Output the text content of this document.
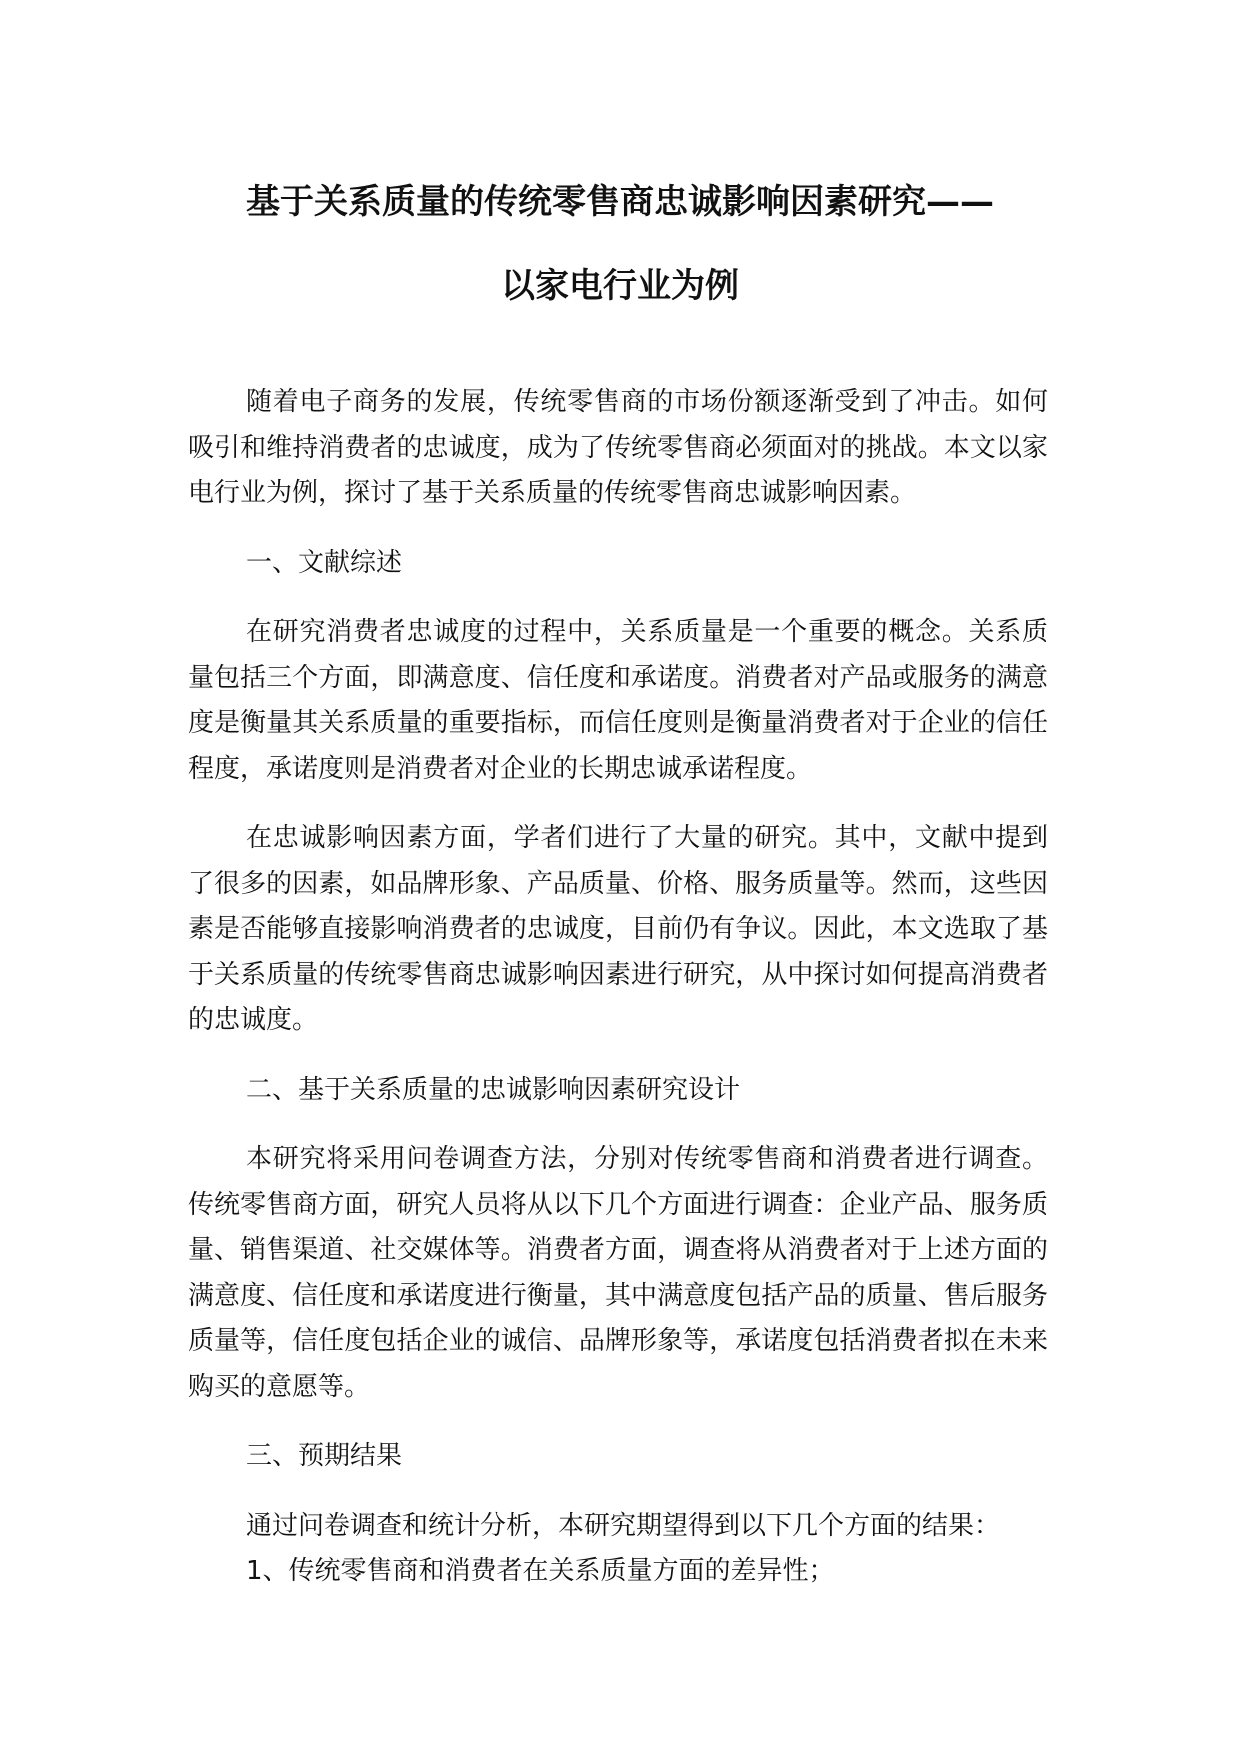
基于关系质量的传统零售商忠诚影响因素研究——
以家电行业为例

随着电子商务的发展，传统零售商的市场份额逐渐受到了冲击。如何吸引和维持消费者的忠诚度，成为了传统零售商必须面对的挑战。本文以家电行业为例，探讨了基于关系质量的传统零售商忠诚影响因素。

一、文献综述

在研究消费者忠诚度的过程中，关系质量是一个重要的概念。关系质量包括三个方面，即满意度、信任度和承诺度。消费者对产品或服务的满意度是衡量其关系质量的重要指标，而信任度则是衡量消费者对于企业的信任程度，承诺度则是消费者对企业的长期忠诚承诺程度。

在忠诚影响因素方面，学者们进行了大量的研究。其中，文献中提到了很多的因素，如品牌形象、产品质量、价格、服务质量等。然而，这些因素是否能够直接影响消费者的忠诚度，目前仍有争议。因此，本文选取了基于关系质量的传统零售商忠诚影响因素进行研究，从中探讨如何提高消费者的忠诚度。

二、基于关系质量的忠诚影响因素研究设计

本研究将采用问卷调查方法，分别对传统零售商和消费者进行调查。传统零售商方面，研究人员将从以下几个方面进行调查：企业产品、服务质量、销售渠道、社交媒体等。消费者方面，调查将从消费者对于上述方面的满意度、信任度和承诺度进行衡量，其中满意度包括产品的质量、售后服务质量等，信任度包括企业的诚信、品牌形象等，承诺度包括消费者拟在未来购买的意愿等。

三、预期结果

通过问卷调查和统计分析，本研究期望得到以下几个方面的结果：

1、传统零售商和消费者在关系质量方面的差异性；
